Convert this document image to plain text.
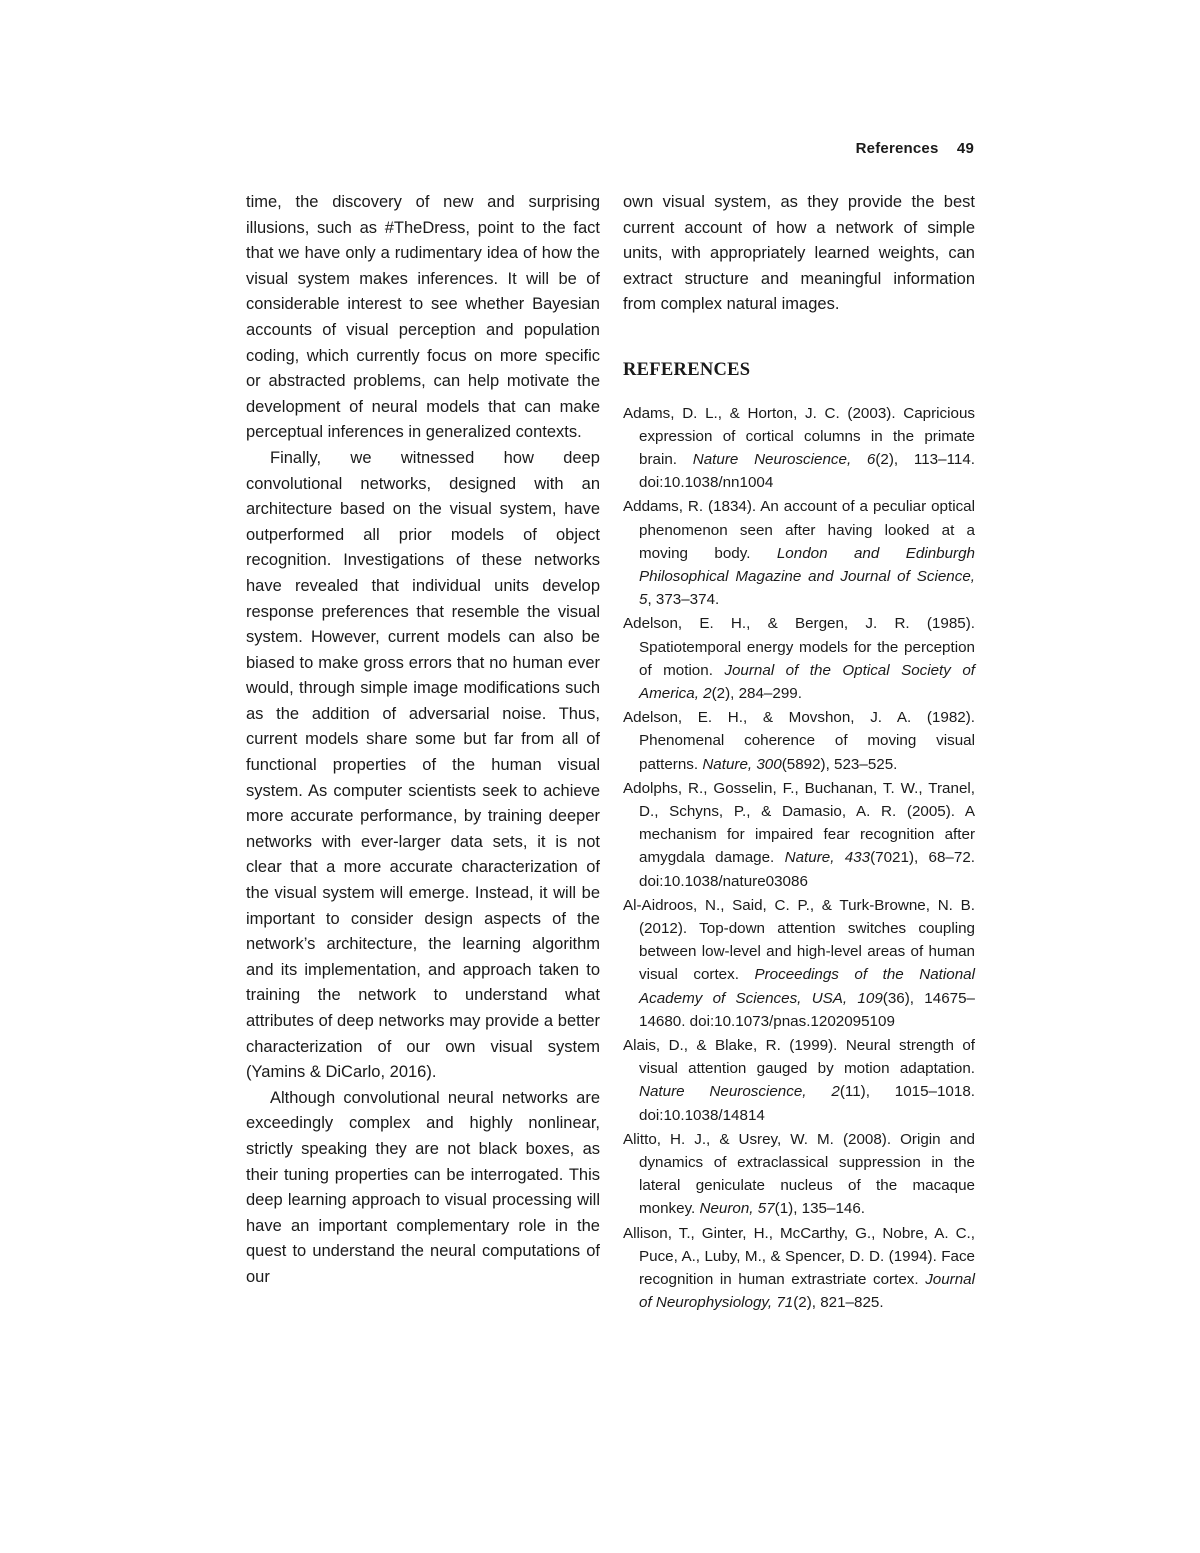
References 49

time, the discovery of new and surprising illusions, such as #TheDress, point to the fact that we have only a rudimentary idea of how the visual system makes inferences. It will be of considerable interest to see whether Bayesian accounts of visual perception and population coding, which currently focus on more specific or abstracted problems, can help motivate the development of neural models that can make perceptual inferences in generalized contexts.

Finally, we witnessed how deep convolutional networks, designed with an architecture based on the visual system, have outperformed all prior models of object recognition. Investigations of these networks have revealed that individual units develop response preferences that resemble the visual system. However, current models can also be biased to make gross errors that no human ever would, through simple image modifications such as the addition of adversarial noise. Thus, current models share some but far from all of functional properties of the human visual system. As computer scientists seek to achieve more accurate performance, by training deeper networks with ever-larger data sets, it is not clear that a more accurate characterization of the visual system will emerge. Instead, it will be important to consider design aspects of the network’s architecture, the learning algorithm and its implementation, and approach taken to training the network to understand what attributes of deep networks may provide a better characterization of our own visual system (Yamins & DiCarlo, 2016).

Although convolutional neural networks are exceedingly complex and highly nonlinear, strictly speaking they are not black boxes, as their tuning properties can be interrogated. This deep learning approach to visual processing will have an important complementary role in the quest to understand the neural computations of our

own visual system, as they provide the best current account of how a network of simple units, with appropriately learned weights, can extract structure and meaningful information from complex natural images.

REFERENCES
Adams, D. L., & Horton, J. C. (2003). Capricious expression of cortical columns in the primate brain. Nature Neuroscience, 6(2), 113–114. doi:10.1038/nn1004
Addams, R. (1834). An account of a peculiar optical phenomenon seen after having looked at a moving body. London and Edinburgh Philosophical Magazine and Journal of Science, 5, 373–374.
Adelson, E. H., & Bergen, J. R. (1985). Spatiotemporal energy models for the perception of motion. Journal of the Optical Society of America, 2(2), 284–299.
Adelson, E. H., & Movshon, J. A. (1982). Phenomenal coherence of moving visual patterns. Nature, 300(5892), 523–525.
Adolphs, R., Gosselin, F., Buchanan, T. W., Tranel, D., Schyns, P., & Damasio, A. R. (2005). A mechanism for impaired fear recognition after amygdala damage. Nature, 433(7021), 68–72. doi:10.1038/nature03086
Al-Aidroos, N., Said, C. P., & Turk-Browne, N. B. (2012). Top-down attention switches coupling between low-level and high-level areas of human visual cortex. Proceedings of the National Academy of Sciences, USA, 109(36), 14675–14680. doi:10.1073/pnas.1202095109
Alais, D., & Blake, R. (1999). Neural strength of visual attention gauged by motion adaptation. Nature Neuroscience, 2(11), 1015–1018. doi:10.1038/14814
Alitto, H. J., & Usrey, W. M. (2008). Origin and dynamics of extraclassical suppression in the lateral geniculate nucleus of the macaque monkey. Neuron, 57(1), 135–146.
Allison, T., Ginter, H., McCarthy, G., Nobre, A. C., Puce, A., Luby, M., & Spencer, D. D. (1994). Face recognition in human extrastriate cortex. Journal of Neurophysiology, 71(2), 821–825.
